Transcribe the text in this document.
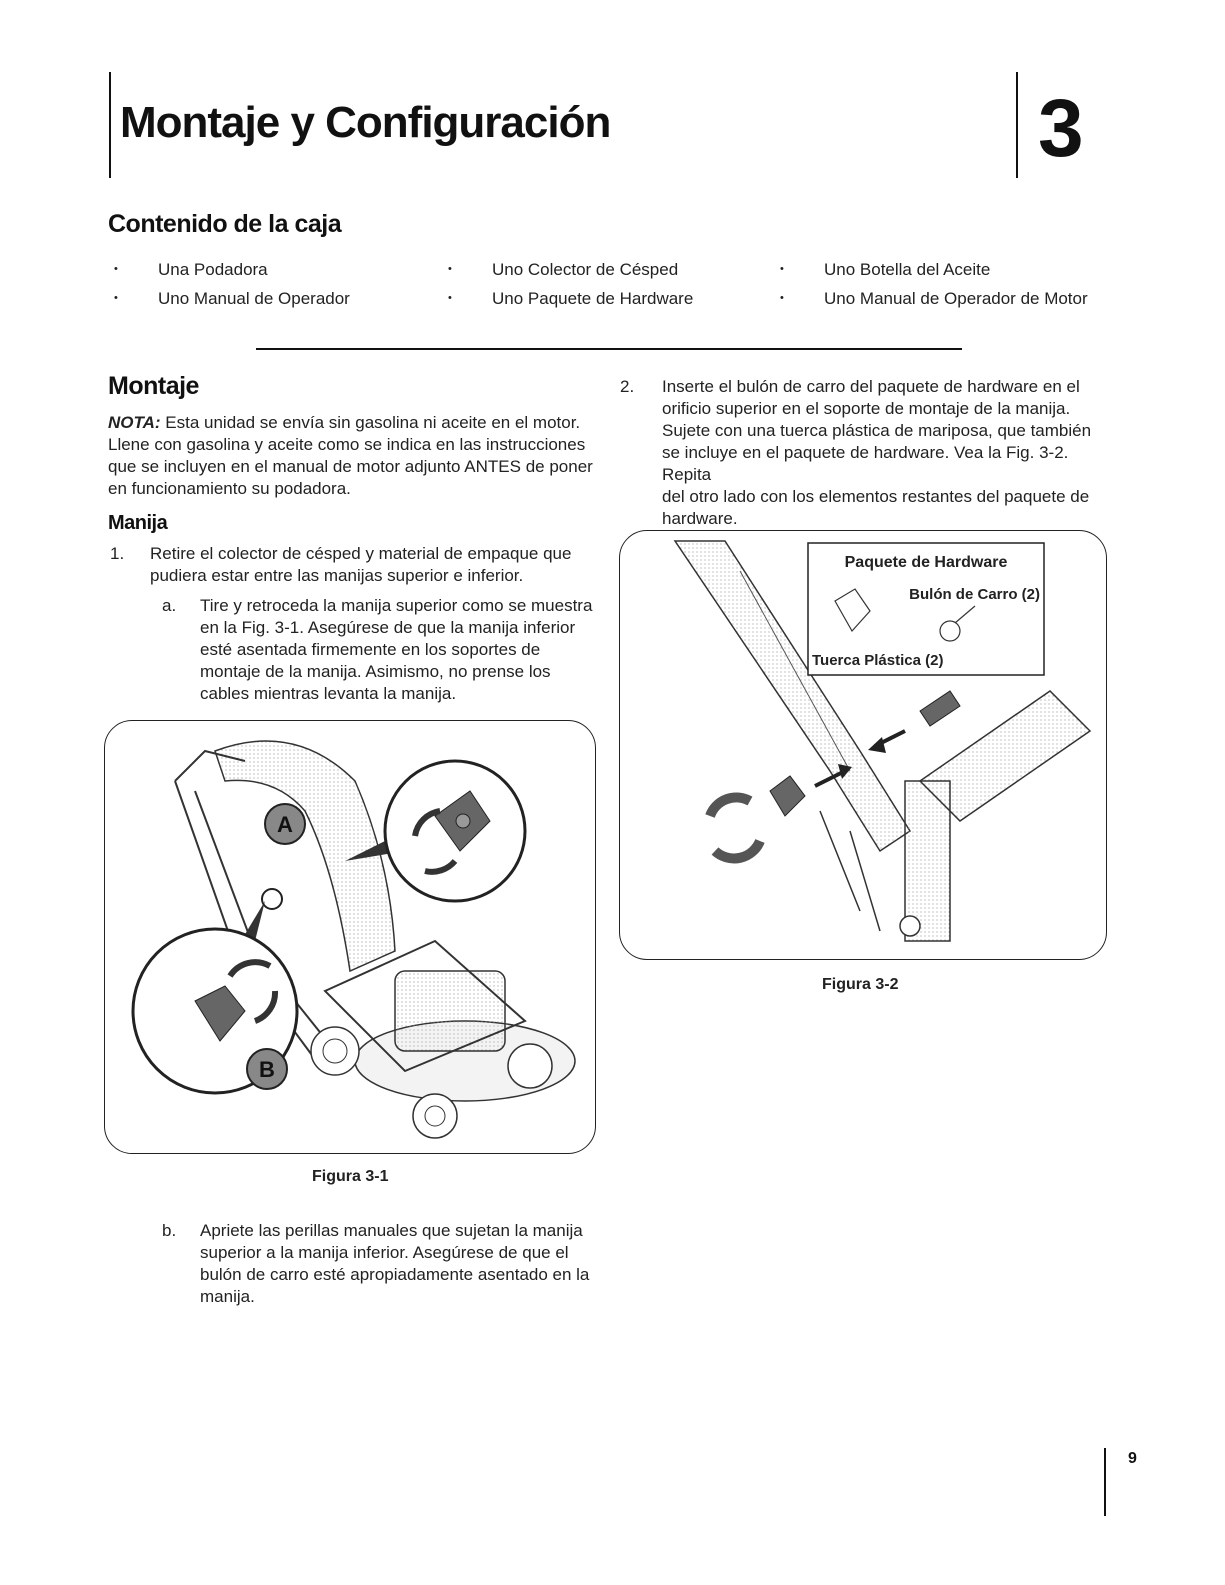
Montaje y Configuración	3
Contenido de la caja
• Una Podadora
• Uno Manual de Operador
• Uno Colector de Césped
• Uno Paquete de Hardware
• Uno Botella del Aceite
• Uno Manual de Operador de Motor
Montaje
NOTA: Esta unidad se envía sin gasolina ni aceite en el motor.
Llene con gasolina y aceite como se indica en las instrucciones
que se incluyen en el manual de motor adjunto ANTES de poner
en funcionamiento su podadora.
Manija
1. Retire el colector de césped y material de empaque que
pudiera estar entre las manijas superior e inferior.
a. Tire y retroceda la manija superior como se muestra
en la Fig. 3-1. Asegúrese de que la manija inferior
esté asentada firmemente en los soportes de
montaje de la manija. Asimismo, no prense los
cables mientras levanta la manija.
A
B
Figura 3-1
b. Apriete las perillas manuales que sujetan la manija
superior a la manija inferior. Asegúrese de que el
bulón de carro esté apropiadamente asentado en la
manija.
2. Inserte el bulón de carro del paquete de hardware en el
orificio superior en el soporte de montaje de la manija.
Sujete con una tuerca plástica de mariposa, que también
se incluye en el paquete de hardware. Vea la Fig. 3-2. Repita
del otro lado con los elementos restantes del paquete de
hardware.
Paquete de Hardware
Bulón de Carro (2)
Tuerca Plástica (2)
Figura 3-2
9
